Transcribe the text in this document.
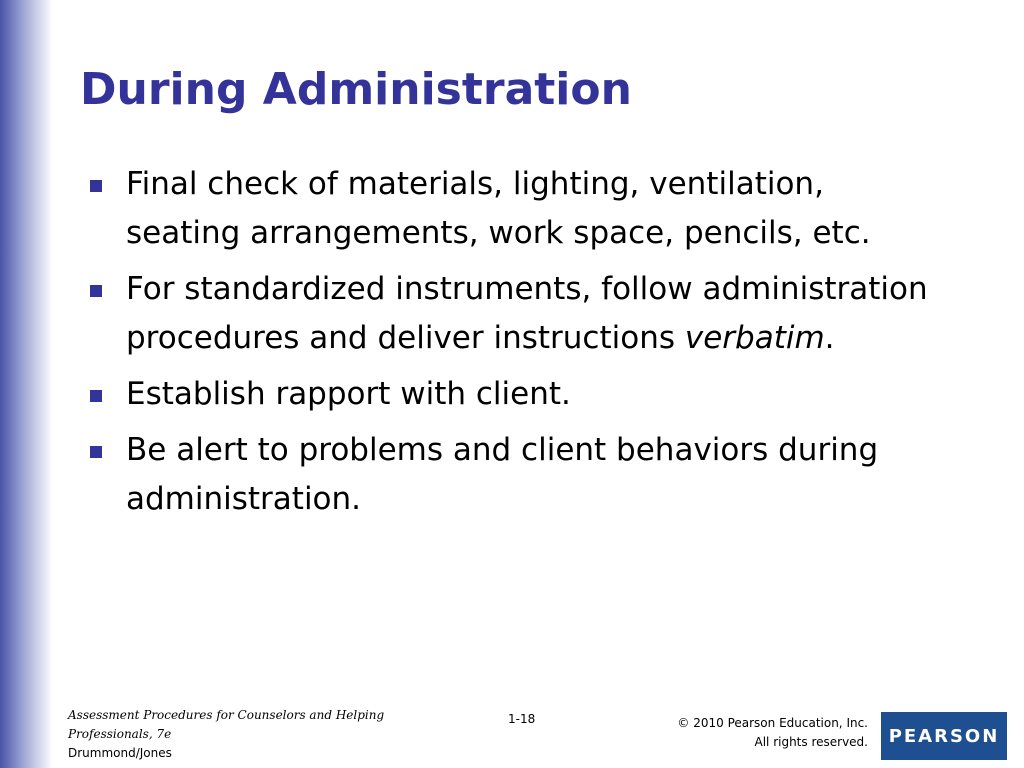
During Administration
Final check of materials, lighting, ventilation, seating arrangements, work space, pencils, etc.
For standardized instruments, follow administration procedures and deliver instructions verbatim.
Establish rapport with client.
Be alert to problems and client behaviors during administration.
Assessment Procedures for Counselors and Helping
Professionals, 7e
Drummond/Jones
1-18	© 2010 Pearson Education, Inc.
All rights reserved. PEARSON
